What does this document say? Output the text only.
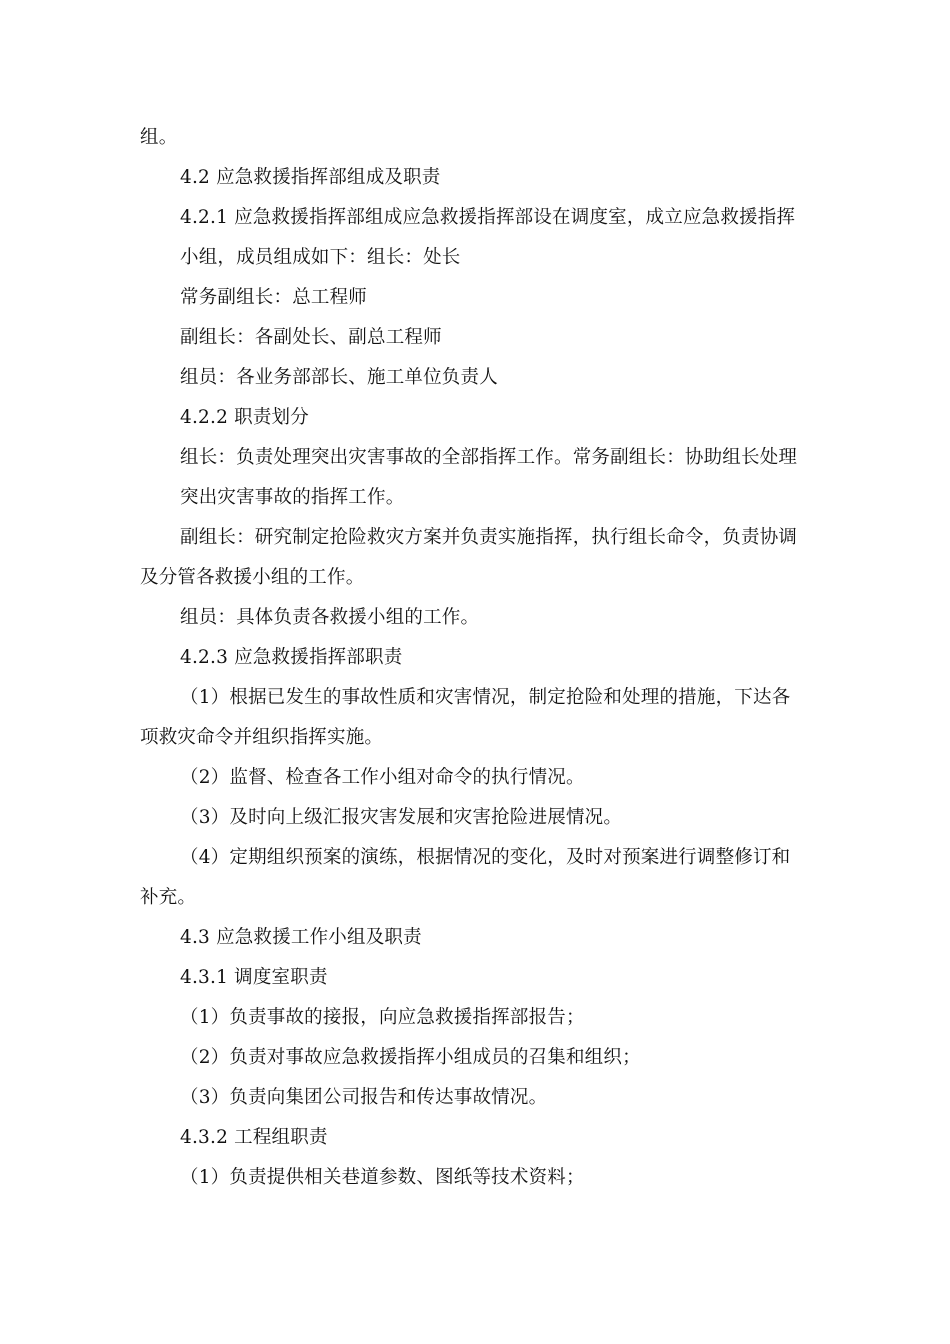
组。
4.2 应急救援指挥部组成及职责
4.2.1 应急救援指挥部组成应急救援指挥部设在调度室，成立应急救援指挥
小组，成员组成如下：组长：处长
常务副组长：总工程师
副组长：各副处长、副总工程师
组员：各业务部部长、施工单位负责人
4.2.2 职责划分
组长：负责处理突出灾害事故的全部指挥工作。常务副组长：协助组长处理
突出灾害事故的指挥工作。
副组长：研究制定抢险救灾方案并负责实施指挥，执行组长命令，负责协调
及分管各救援小组的工作。
组员：具体负责各救援小组的工作。
4.2.3 应急救援指挥部职责
（1）根据已发生的事故性质和灾害情况，制定抢险和处理的措施，下达各
项救灾命令并组织指挥实施。
（2）监督、检查各工作小组对命令的执行情况。
（3）及时向上级汇报灾害发展和灾害抢险进展情况。
（4）定期组织预案的演练，根据情况的变化，及时对预案进行调整修订和
补充。
4.3 应急救援工作小组及职责
4.3.1 调度室职责
（1）负责事故的接报，向应急救援指挥部报告；
（2）负责对事故应急救援指挥小组成员的召集和组织；
（3）负责向集团公司报告和传达事故情况。
4.3.2 工程组职责
（1）负责提供相关巷道参数、图纸等技术资料；
